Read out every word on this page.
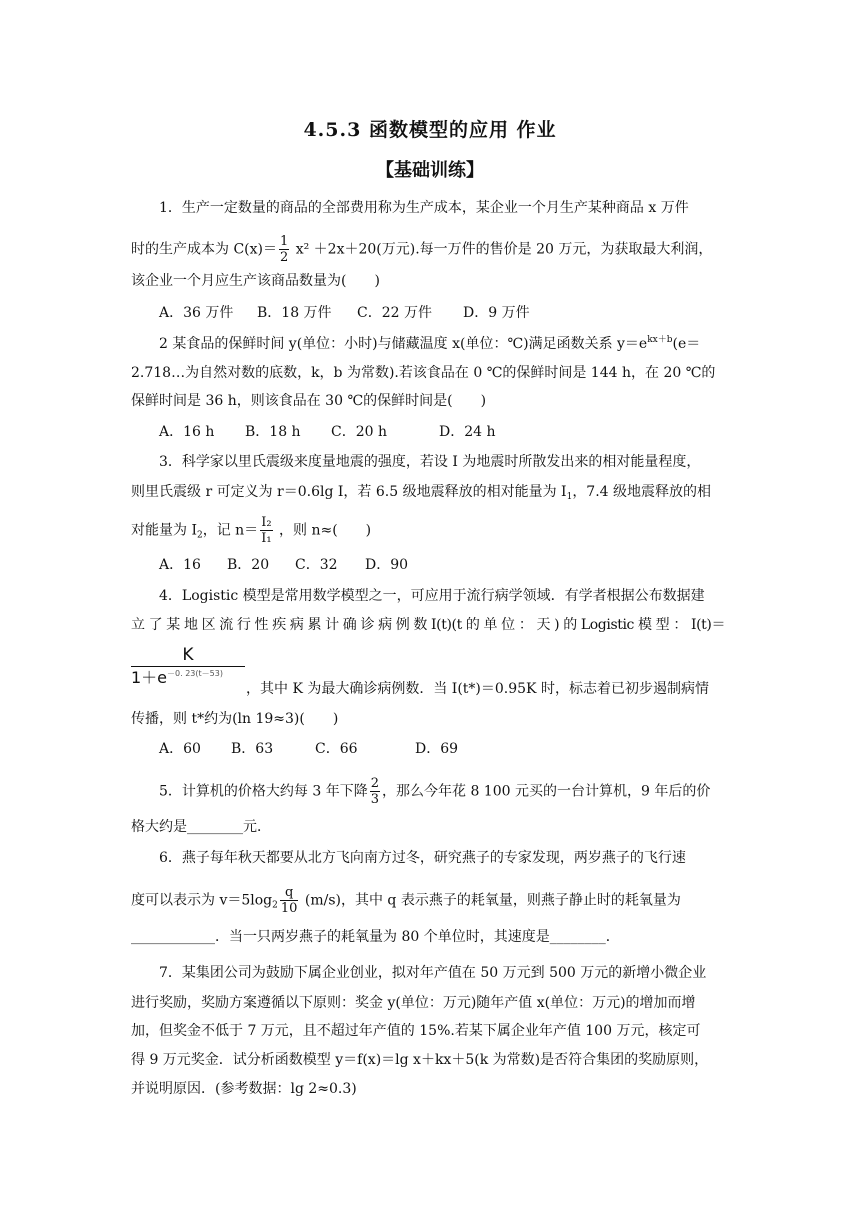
4.5.3 函数模型的应用 作业
【基础训练】
1．生产一定数量的商品的全部费用称为生产成本，某企业一个月生产某种商品 x 万件
时的生产成本为 $C(x)= \frac{1}{2} x^2 +2x+20$(万元).每一万件的售价是 20 万元，为获取最大利润，
该企业一个月应生产该商品数量为(　　)
A．36 万件 B．18 万件 C．22 万件 D．9 万件
2 某食品的保鲜时间 y(单位：小时)与储藏温度 x(单位：℃)满足函数关系 $y=e^{kx+b}(e=$
2.718…为自然对数的底数，k，b 为常数).若该食品在 0 ℃的保鲜时间是 144 h，在 20 ℃的
保鲜时间是 36 h，则该食品在 30 ℃的保鲜时间是(　　)
A．16 h B．18 h C．20 h	D．24 h
3．科学家以里氏震级来度量地震的强度，若设 I 为地震时所散发出来的相对能量程度，
则里氏震级 r 可定义为 r＝0.6lg I，若 6.5 级地震释放的相对能量为 $I_1$，7.4 级地震释放的相
对能量为 $I_2$，记 $n= \frac{\text{I₂}}{\text{I₁}}$ ，则 n≈(　　)
A．16 B．20 C．32 D．90
4．Logistic 模型是常用数学模型之一，可应用于流行病学领域．有学者根据公布数据建
立 了 某 地 区 流 行 性 疾 病 累 计 确 诊 病 例 数 I(t)(t 的 单 位 ： 天 ) 的 Logistic 模 型 ： I(t)＝
K
$1+e^{-0. 23(t-53)}$
，其中 K 为最大确诊病例数．当 I(t*)＝0.95K 时，标志着已初步遏制病情
传播，则 t*约为(ln 19≈3)(　　)
A．60 B．63	C．66	D．69
5．计算机的价格大约每 3 年下降 $\frac{2}{3}$ ，那么今年花 8 100 元买的一台计算机，9 年后的价
格大约是________元．
6．燕子每年秋天都要从北方飞向南方过冬，研究燕子的专家发现，两岁燕子的飞行速
度可以表示为 $v=5\log_2 \frac{q}{10} (m/s)$，其中 q 表示燕子的耗氧量，则燕子静止时的耗氧量为
____________．当一只两岁燕子的耗氧量为 80 个单位时，其速度是________．
7．某集团公司为鼓励下属企业创业，拟对年产值在 50 万元到 500 万元的新增小微企业
进行奖励，奖励方案遵循以下原则：奖金 y(单位：万元)随年产值 x(单位：万元)的增加而增
加，但奖金不低于 7 万元，且不超过年产值的 15%.若某下属企业年产值 100 万元，核定可
得 9 万元奖金．试分析函数模型 y＝f(x)＝lg x＋kx＋5(k 为常数)是否符合集团的奖励原则，
并说明原因．(参考数据：lg 2≈0.3)
